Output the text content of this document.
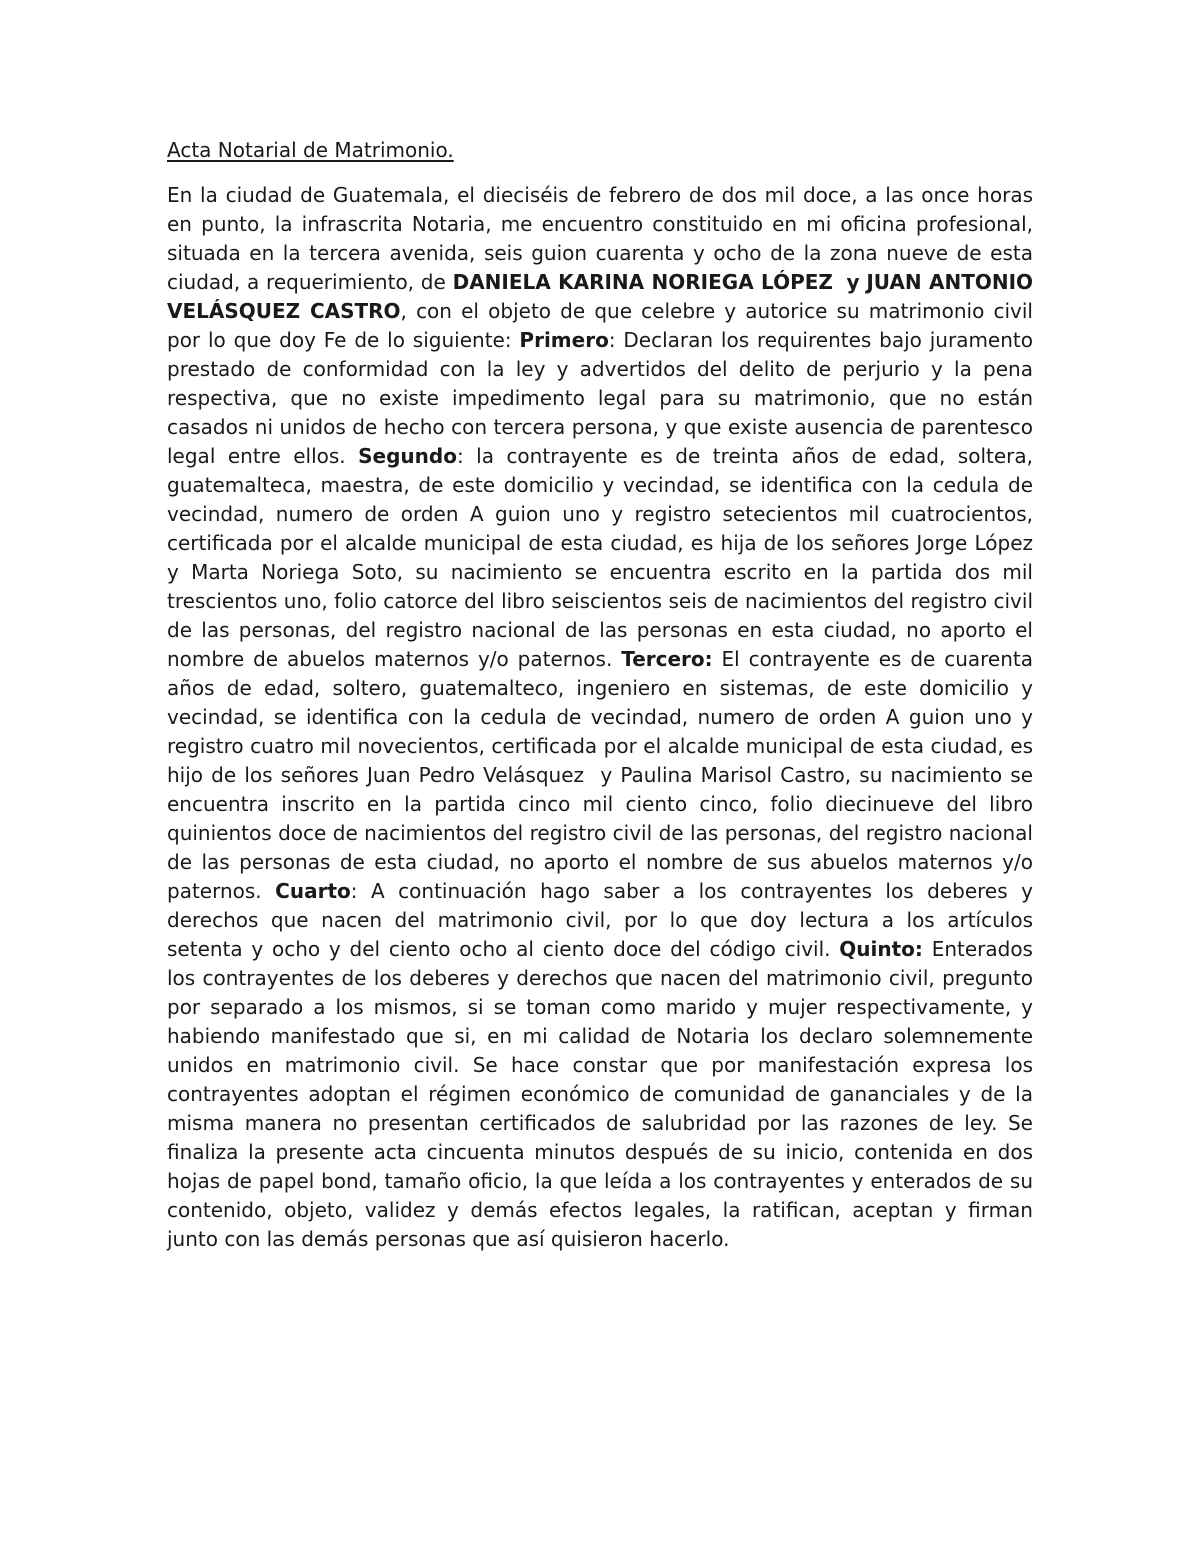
Acta Notarial de Matrimonio.

En la ciudad de Guatemala, el dieciséis de febrero de dos mil doce, a las once horas en punto, la infrascrita Notaria, me encuentro constituido en mi oficina profesional, situada en la tercera avenida, seis guion cuarenta y ocho de la zona nueve de esta ciudad, a requerimiento, de DANIELA KARINA NORIEGA LÓPEZ y JUAN ANTONIO VELÁSQUEZ CASTRO, con el objeto de que celebre y autorice su matrimonio civil  por lo que doy Fe de lo siguiente: Primero: Declaran los requirentes bajo juramento prestado de conformidad con la ley y advertidos del delito de perjurio y la pena respectiva, que no existe impedimento legal para su matrimonio, que no están casados ni unidos de hecho con tercera persona, y que existe ausencia de parentesco legal entre ellos. Segundo: la contrayente es de treinta años de edad, soltera, guatemalteca, maestra, de este domicilio y vecindad, se identifica con la cedula de vecindad, numero de orden A guion uno y registro setecientos mil cuatrocientos, certificada por el alcalde municipal de esta ciudad, es hija de los señores Jorge López y Marta Noriega Soto, su nacimiento se encuentra escrito en la partida dos mil trescientos uno, folio catorce del libro seiscientos seis de nacimientos del registro civil de las personas, del registro nacional de las personas en esta ciudad, no aporto el nombre de abuelos maternos y/o paternos. Tercero: El contrayente es de cuarenta años de edad, soltero, guatemalteco, ingeniero en sistemas, de este domicilio y vecindad, se identifica con la cedula de vecindad, numero de orden A guion uno y registro cuatro mil novecientos, certificada por el alcalde municipal de esta ciudad, es hijo de los señores Juan Pedro Velásquez  y Paulina Marisol Castro, su nacimiento se encuentra inscrito en la partida cinco mil ciento cinco, folio diecinueve del libro quinientos doce de nacimientos del registro civil de las personas, del registro nacional de las personas de esta ciudad, no aporto el nombre de sus abuelos maternos y/o paternos. Cuarto: A continuación hago saber a los contrayentes los deberes y derechos que nacen del matrimonio civil, por lo que doy lectura a los artículos setenta y ocho y del ciento ocho al ciento doce del código civil. Quinto: Enterados los contrayentes de los deberes y derechos que nacen del matrimonio civil, pregunto por separado a los mismos, si se toman como marido y mujer respectivamente, y habiendo manifestado que si, en mi calidad de Notaria los declaro solemnemente unidos en matrimonio civil. Se hace constar que por manifestación expresa los contrayentes adoptan el régimen económico de comunidad de gananciales y de la misma manera no presentan certificados de salubridad por las razones de ley. Se finaliza la presente acta cincuenta minutos después de su inicio, contenida en dos hojas de papel bond, tamaño oficio, la que leída a los contrayentes y enterados de su contenido, objeto, validez y demás efectos legales, la ratifican, aceptan y firman junto con las demás personas que así quisieron hacerlo.
